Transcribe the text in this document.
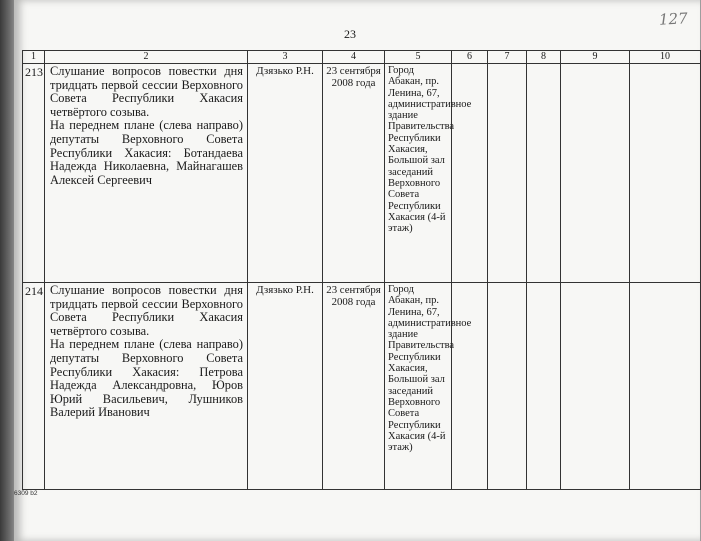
23
127
6309 b2
1	2	3	4	5	6	7	8	9	10
213	Слушание вопросов повестки дня тридцать первой сессии Верховного Совета Республики Хакасия четвёртого созыва.

На переднем плане (слева направо) депутаты Верховного Совета Республики Хакасия: Ботандаева Надежда Николаевна, Майнагашев Алексей Сергеевич	Дзязько Р.Н.	23 сентября 2008 года	Город Абакан, пр. Ленина, 67, административное здание Правительства Республики Хакасия, Большой зал заседаний Верховного Совета Республики Хакасия (4-й этаж)					
214	Слушание вопросов повестки дня тридцать первой сессии Верховного Совета Республики Хакасия четвёртого созыва.

На переднем плане (слева направо) депутаты Верховного Совета Республики Хакасия: Петрова Надежда Александровна, Юров Юрий Васильевич, Лушников Валерий Иванович	Дзязько Р.Н.	23 сентября 2008 года	Город Абакан, пр. Ленина, 67, административное здание Правительства Республики Хакасия, Большой зал заседаний Верховного Совета Республики Хакасия (4-й этаж)					
